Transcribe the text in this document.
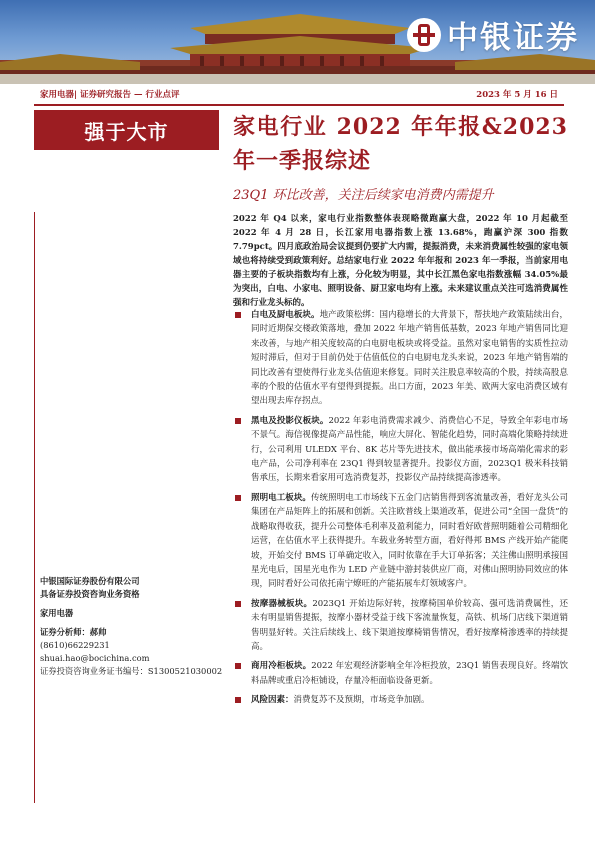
中银证券
家用电器| 证券研究报告 — 行业点评	2023 年 5 月 16 日
强于大市	家电行业 2022 年年报&2023 年一季报综述
23Q1 环比改善，关注后续家电消费内需提升
2022 年 Q4 以来，家电行业指数整体表现略微跑赢大盘，2022 年 10 月起截至 2022 年 4 月 28 日，长江家用电器指数上涨 13.68%，跑赢沪深 300 指数 7.79pct。四月底政治局会议提到仍要扩大内需，提振消费，未来消费属性较强的家电领域也将持续受到政策利好。总结家电行业 2022 年年报和 2023 年一季报，当前家用电器主要的子板块指数均有上涨，分化较为明显，其中长江黑色家电指数涨幅 34.05%最为突出，白电、小家电、照明设备、厨卫家电均有上涨。未来建议重点关注可选消费属性强和行业龙头标的。
白电及厨电板块。地产政策松绑：国内稳增长的大背景下，帮扶地产政策陆续出台，同时近期保交楼政策落地，叠加 2022 年地产销售低基数，2023 年地产销售同比迎来改善，与地产相关度较高的白电厨电板块或将受益。虽然对家电销售的实质性拉动短时滞后，但对于目前仍处于估值低位的白电厨电龙头来说，2023 年地产销售端的同比改善有望使得行业龙头估值迎来修复。同时关注股息率较高的个股，持续高股息率的个股的估值水平有望得到提振。出口方面，2023 年美、欧两大家电消费区域有望出现去库存拐点。
黑电及投影仪板块。2022 年彩电消费需求减少、消费信心不足，导致全年彩电市场不景气。海信视像提高产品性能，响应大屏化、智能化趋势，同时高端化策略持续进行，公司利用 ULEDX 平台、8K 芯片等先进技术，做出能承接市场高端化需求的彩电产品，公司净利率在 23Q1 得到较显著提升。投影仪方面，2023Q1 极米科技销售承压，长期来看家用可选消费复苏，投影仪产品持续提高渗透率。
照明电工板块。传统照明电工市场线下五金门店销售得到客流量改善，看好龙头公司集团在产品矩阵上的拓展和创新。关注欧普线上渠道改革，促进公司“全国一盘货”的战略取得收获，提升公司整体毛利率及盈利能力，同时看好欧普照明随着公司精细化运营，在估值水平上获得提升。车载业务转型方面，看好得邦 BMS 产线开始产能爬坡，开始交付 BMS 订单确定收入，同时依靠在手大订单拓客；关注佛山照明承接国星光电后，国星光电作为 LED 产业链中游封装供应厂商，对佛山照明协同效应的体现，同时看好公司依托南宁燎旺的产能拓展车灯领域客户。
按摩器械板块。2023Q1 开始边际好转，按摩椅国单价较高、强可选消费属性，还未有明显销售提振，按摩小器材受益于线下客流量恢复，高铁、机场门店线下渠道销售明显好转。关注后续线上、线下渠道按摩椅销售情况，看好按摩椅渗透率的持续提高。
商用冷柜板块。2022 年宏观经济影响全年冷柜投放，23Q1 销售表现良好。终端饮料品牌或重启冷柜铺设，存量冷柜面临设备更新。
风险因素：消费复苏不及预期，市场竞争加剧。
中银国际证券股份有限公司
具备证券投资咨询业务资格
家用电器
证券分析师：郝帅
(8610)66229231
shuai.hao@bocichina.com
证券投资咨询业务证书编号：S1300521030002
